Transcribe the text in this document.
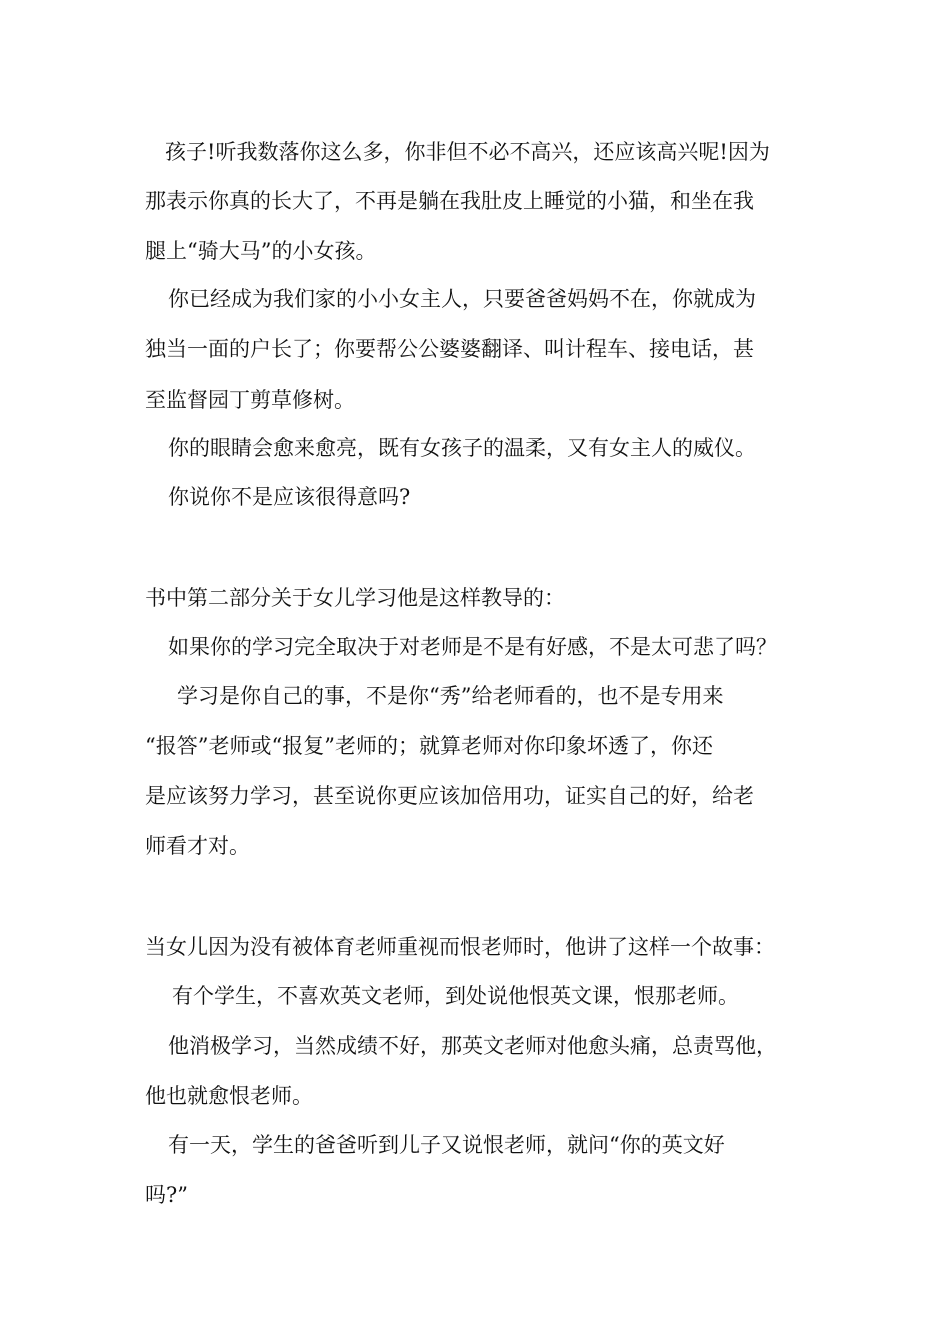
孩子!听我数落你这么多，你非但不必不高兴，还应该高兴呢!因为
那表示你真的长大了，不再是躺在我肚皮上睡觉的小猫，和坐在我
腿上“骑大马”的小女孩。
你已经成为我们家的小小女主人，只要爸爸妈妈不在，你就成为
独当一面的户长了；你要帮公公婆婆翻译、叫计程车、接电话，甚
至监督园丁剪草修树。
你的眼睛会愈来愈亮，既有女孩子的温柔，又有女主人的威仪。
你说你不是应该很得意吗?
书中第二部分关于女儿学习他是这样教导的：
如果你的学习完全取决于对老师是不是有好感，不是太可悲了吗？
学习是你自己的事，不是你“秀”给老师看的，也不是专用来
“报答”老师或“报复”老师的；就算老师对你印象坏透了，你还
是应该努力学习，甚至说你更应该加倍用功，证实自己的好，给老
师看才对。
当女儿因为没有被体育老师重视而恨老师时，他讲了这样一个故事：
有个学生，不喜欢英文老师，到处说他恨英文课，恨那老师。
他消极学习，当然成绩不好，那英文老师对他愈头痛，总责骂他，
他也就愈恨老师。
有一天，学生的爸爸听到儿子又说恨老师，就问“你的英文好
吗?”
